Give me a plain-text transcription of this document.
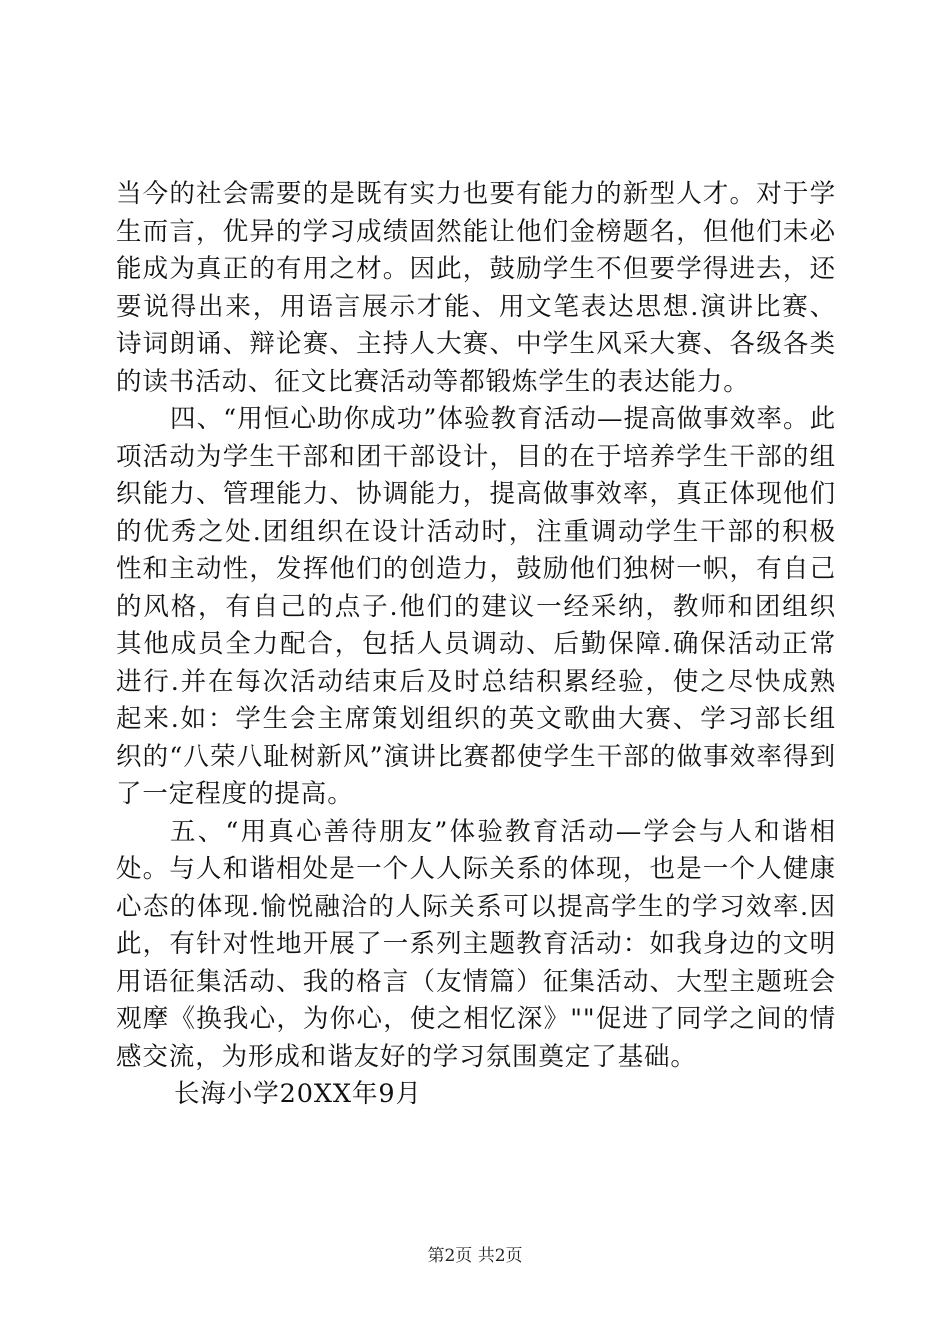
当今的社会需要的是既有实力也要有能力的新型人才。对于学生而言，优异的学习成绩固然能让他们金榜题名，但他们未必能成为真正的有用之材。因此，鼓励学生不但要学得进去，还要说得出来，用语言展示才能、用文笔表达思想.演讲比赛、诗词朗诵、辩论赛、主持人大赛、中学生风采大赛、各级各类的读书活动、征文比赛活动等都锻炼学生的表达能力。

四、“用恒心助你成功”体验教育活动—提高做事效率。此项活动为学生干部和团干部设计，目的在于培养学生干部的组织能力、管理能力、协调能力，提高做事效率，真正体现他们的优秀之处.团组织在设计活动时，注重调动学生干部的积极性和主动性，发挥他们的创造力，鼓励他们独树一帜，有自己的风格，有自己的点子.他们的建议一经采纳，教师和团组织其他成员全力配合，包括人员调动、后勤保障.确保活动正常进行.并在每次活动结束后及时总结积累经验，使之尽快成熟起来.如：学生会主席策划组织的英文歌曲大赛、学习部长组织的“八荣八耻树新风”演讲比赛都使学生干部的做事效率得到了一定程度的提高。

五、“用真心善待朋友”体验教育活动—学会与人和谐相处。与人和谐相处是一个人人际关系的体现，也是一个人健康心态的体现.愉悦融洽的人际关系可以提高学生的学习效率.因此，有针对性地开展了一系列主题教育活动：如我身边的文明用语征集活动、我的格言（友情篇）征集活动、大型主题班会观摩《换我心，为你心，使之相忆深》""促进了同学之间的情感交流，为形成和谐友好的学习氛围奠定了基础。

长海小学20XX年9月

第2页 共2页
